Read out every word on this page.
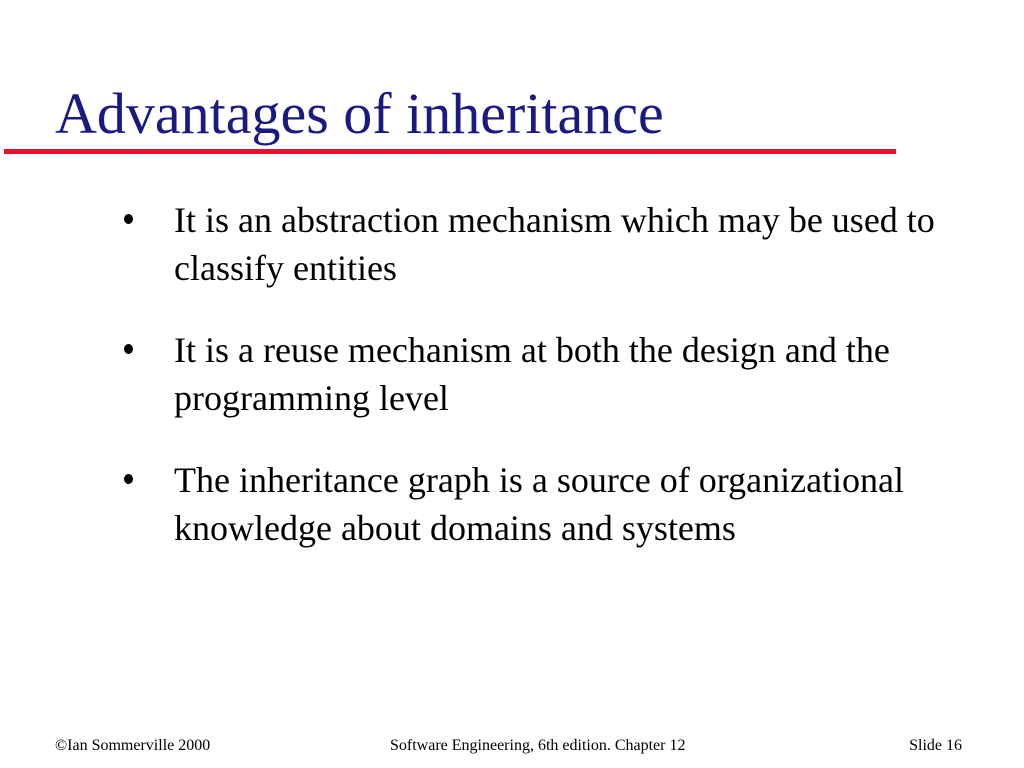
Advantages of inheritance
It is an abstraction mechanism which may be used to classify entities
It is a reuse mechanism at both the design and the programming level
The inheritance graph is a source of organizational knowledge about domains and systems
©Ian Sommerville 2000	Software Engineering, 6th edition. Chapter 12	Slide 16
